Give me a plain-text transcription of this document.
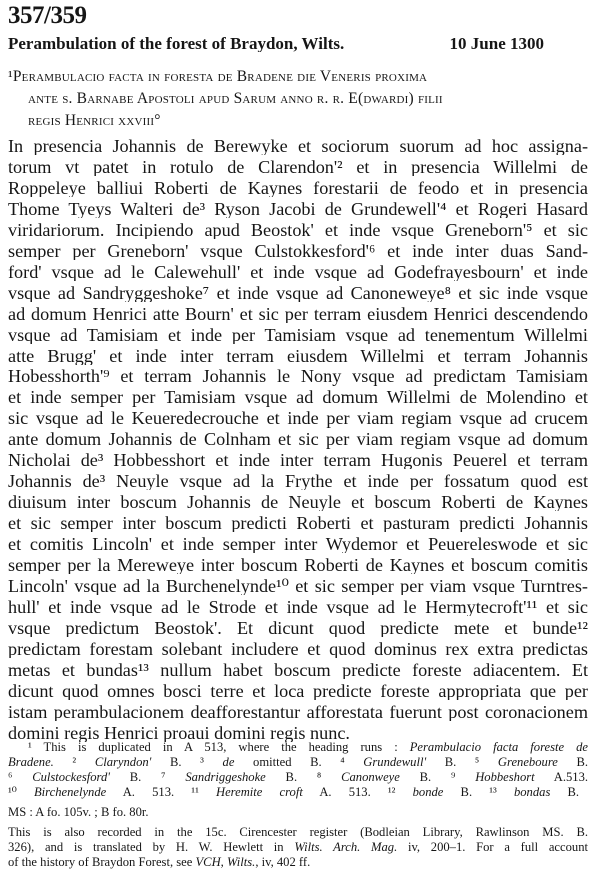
357/359
Perambulation of the forest of Braydon, Wilts.	10 June 1300
¹Perambulacio facta in foresta de Bradene die Veneris proxima
ante s. Barnabe Apostoli apud Sarum anno r. r. E(dwardi) filii
regis Henrici xxviii°
In presencia Johannis de Berewyke et sociorum suorum ad hoc assigna-
torum vt patet in rotulo de Clarendon'² et in presencia Willelmi de
Roppeleye balliui Roberti de Kaynes forestarii de feodo et in presencia
Thome Tyeys Walteri de³ Ryson Jacobi de Grundewell'⁴ et Rogeri Hasard
viridariorum. Incipiendo apud Beostok' et inde vsque Greneborn'⁵ et sic
semper per Greneborn' vsque Culstokkesford'⁶ et inde inter duas Sand-
ford' vsque ad le Calewehull' et inde vsque ad Godefrayesbourn' et inde
vsque ad Sandryggeshoke⁷ et inde vsque ad Canoneweye⁸ et sic inde vsque
ad domum Henrici atte Bourn' et sic per terram eiusdem Henrici descendendo
vsque ad Tamisiam et inde per Tamisiam vsque ad tenementum Willelmi
atte Brugg' et inde inter terram eiusdem Willelmi et terram Johannis
Hobesshorth'⁹ et terram Johannis le Nony vsque ad predictam Tamisiam
et inde semper per Tamisiam vsque ad domum Willelmi de Molendino et
sic vsque ad le Keueredecrouche et inde per viam regiam vsque ad crucem
ante domum Johannis de Colnham et sic per viam regiam vsque ad domum
Nicholai de³ Hobbesshort et inde inter terram Hugonis Peuerel et terram
Johannis de³ Neuyle vsque ad la Frythe et inde per fossatum quod est
diuisum inter boscum Johannis de Neuyle et boscum Roberti de Kaynes
et sic semper inter boscum predicti Roberti et pasturam predicti Johannis
et comitis Lincoln' et inde semper inter Wydemor et Peuereleswode et sic
semper per la Mereweye inter boscum Roberti de Kaynes et boscum comitis
Lincoln' vsque ad la Burchenelynde¹⁰ et sic semper per viam vsque Turntres-
hull' et inde vsque ad le Strode et inde vsque ad le Hermytecroft'¹¹ et sic
vsque predictum Beostok'. Et dicunt quod predicte mete et bunde¹²
predictam forestam solebant includere et quod dominus rex extra predictas
metas et bundas¹³ nullum habet boscum predicte foreste adiacentem. Et
dicunt quod omnes bosci terre et loca predicte foreste appropriata que per
istam perambulacionem deafforestantur afforestata fuerunt post coronacionem
domini regis Henrici proaui domini regis nunc.
¹ This is duplicated in A 513, where the heading runs : Perambulacio facta foreste de
Bradene. ² Claryndon' B. ³ de omitted B. ⁴ Grundewull' B. ⁵ Greneboure B.
⁶ Culstockesford' B. ⁷ Sandriggeshoke B. ⁸ Canonweye B. ⁹ Hobbeshort A.513.
¹⁰ Birchenelynde A. 513. ¹¹ Heremite croft A. 513. ¹² bonde B. ¹³ bondas B.
MS : A fo. 105v. ; B fo. 80r.
This is also recorded in the 15c. Cirencester register (Bodleian Library, Rawlinson MS. B.
326), and is translated by H. W. Hewlett in Wilts. Arch. Mag. iv, 200–1. For a full account
of the history of Braydon Forest, see VCH, Wilts., iv, 402 ff.
